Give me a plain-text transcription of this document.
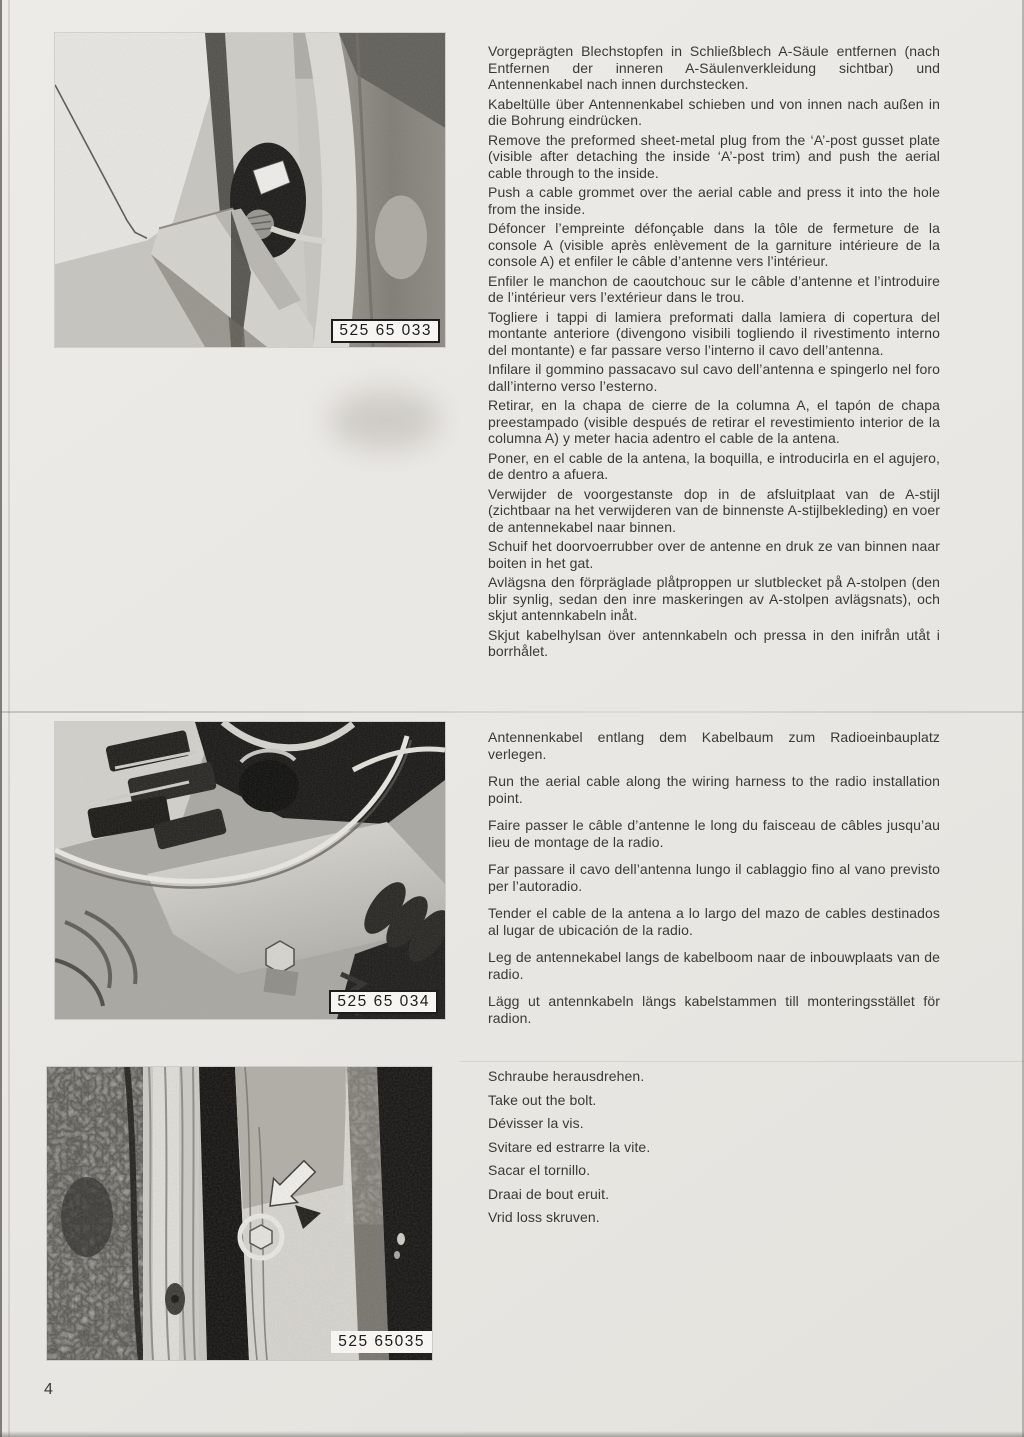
525 65 033
525 65 034
525 65035

Vorgeprägten Blechstopfen in Schließblech A-Säule entfernen (nach Entfernen der inneren A-Säulenverkleidung sichtbar) und Antennenkabel nach innen durchstecken.

Kabeltülle über Antennenkabel schieben und von innen nach außen in die Bohrung eindrücken.

Remove the preformed sheet-metal plug from the ‘A’-post gusset plate (visible after detaching the inside ‘A’-post trim) and push the aerial cable through to the inside.

Push a cable grommet over the aerial cable and press it into the hole from the inside.

Défoncer l’empreinte défonçable dans la tôle de fermeture de la console A (visible après enlèvement de la garniture intérieure de la console A) et enfiler le câble d’antenne vers l’intérieur.

Enfiler le manchon de caoutchouc sur le câble d’antenne et l’introduire de l’intérieur vers l’extérieur dans le trou.

Togliere i tappi di lamiera preformati dalla lamiera di copertura del montante anteriore (divengono visibili togliendo il rivestimento interno del montante) e far passare verso l’interno il cavo dell’antenna.

Infilare il gommino passacavo sul cavo dell’antenna e spingerlo nel foro dall’interno verso l’esterno.

Retirar, en la chapa de cierre de la columna A, el tapón de chapa preestampado (visible después de retirar el revestimiento interior de la columna A) y meter hacia adentro el cable de la antena.

Poner, en el cable de la antena, la boquilla, e introducirla en el agujero, de dentro a afuera.

Verwijder de voorgestanste dop in de afsluitplaat van de A-stijl (zichtbaar na het verwijderen van de binnenste A-stijlbekleding) en voer de antennekabel naar binnen.

Schuif het doorvoerrubber over de antenne en druk ze van binnen naar boiten in het gat.

Avlägsna den förpräglade plåtproppen ur slutblecket på A-stolpen (den blir synlig, sedan den inre maskeringen av A-stolpen avlägsnats), och skjut antennkabeln inåt.

Skjut kabelhylsan över antennkabeln och pressa in den inifrån utåt i borrhålet.

Antennenkabel entlang dem Kabelbaum zum Radioeinbauplatz verlegen.

Run the aerial cable along the wiring harness to the radio installation point.

Faire passer le câble d’antenne le long du faisceau de câbles jusqu’au lieu de montage de la radio.

Far passare il cavo dell’antenna lungo il cablaggio fino al vano previsto per l’autoradio.

Tender el cable de la antena a lo largo del mazo de cables destinados al lugar de ubicación de la radio.

Leg de antennekabel langs de kabelboom naar de inbouwplaats van de radio.

Lägg ut antennkabeln längs kabelstammen till monteringsstället för radion.

Schraube herausdrehen.

Take out the bolt.

Dévisser la vis.

Svitare ed estrarre la vite.

Sacar el tornillo.

Draai de bout eruit.

Vrid loss skruven.

4
